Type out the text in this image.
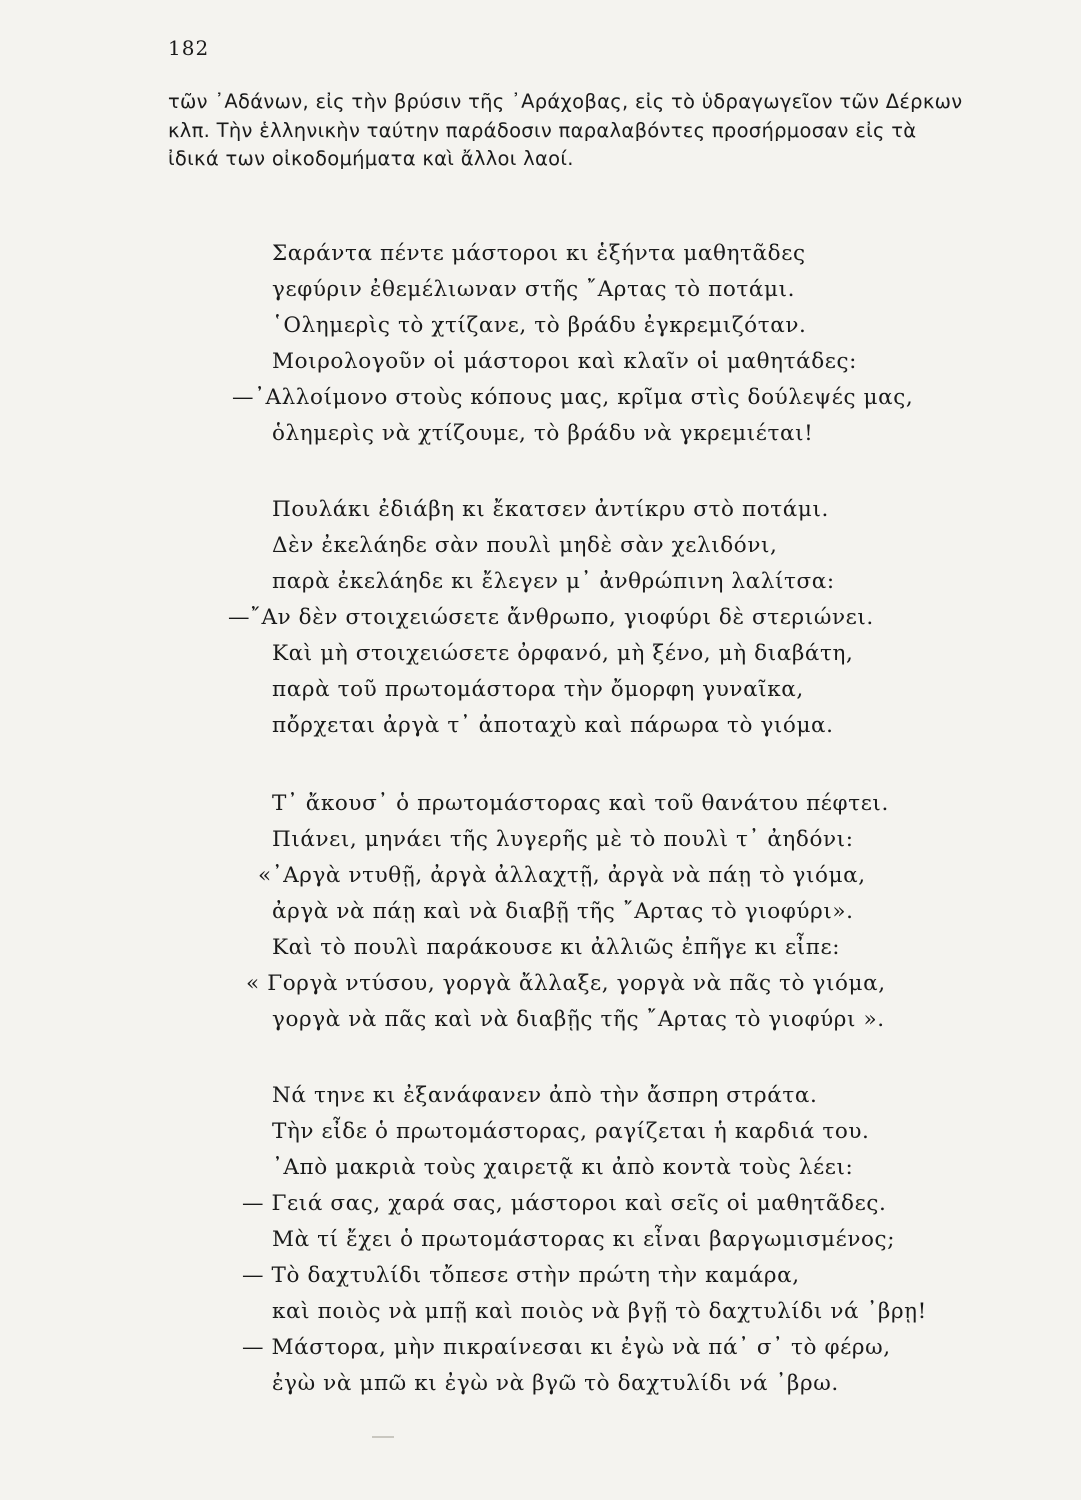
182
τῶν ᾿Αδάνων, εἰς τὴν βρύσιν τῆς ᾿Αράχοβας, εἰς τὸ ὑδραγωγεῖον τῶν Δέρκων
κλπ. Τὴν ἑλληνικὴν ταύτην παράδοσιν παραλαβόντες προσήρμοσαν εἰς τὰ
ἰδικά των οἰκοδομήματα καὶ ἄλλοι λαοί.
Σαράντα πέντε μάστοροι κι ἑξήντα μαθητᾶδες
γεφύριν ἐθεμέλιωναν στῆς ῎Αρτας τὸ ποτάμι.
῾Ολημερὶς τὸ χτίζανε, τὸ βράδυ ἐγκρεμιζόταν.
Μοιρολογοῦν οἱ μάστοροι καὶ κλαῖν οἱ μαθητάδες:
—᾿Αλλοίμονο στοὺς κόπους μας, κρῖμα στὶς δούλεψές μας,
ὁλημερὶς νὰ χτίζουμε, τὸ βράδυ νὰ γκρεμιέται!
Πουλάκι ἐδιάβη κι ἔκατσεν ἀντίκρυ στὸ ποτάμι.
Δὲν ἐκελάηδε σὰν πουλὶ μηδὲ σὰν χελιδόνι,
παρὰ ἐκελάηδε κι ἔλεγεν μ᾿ ἀνθρώπινη λαλίτσα:
—῎Αν δὲν στοιχειώσετε ἄνθρωπο, γιοφύρι δὲ στεριώνει.
Καὶ μὴ στοιχειώσετε ὀρφανό, μὴ ξένο, μὴ διαβάτη,
παρὰ τοῦ πρωτομάστορα τὴν ὄμορφη γυναῖκα,
πὄρχεται ἀργὰ τ᾿ ἀποταχὺ καὶ πάρωρα τὸ γιόμα.
Τ᾿ ἄκουσ᾿ ὁ πρωτομάστορας καὶ τοῦ θανάτου πέφτει.
Πιάνει, μηνάει τῆς λυγερῆς μὲ τὸ πουλὶ τ᾿ ἀηδόνι:
«᾿Αργὰ ντυθῇ, ἀργὰ ἀλλαχτῇ, ἀργὰ νὰ πάῃ τὸ γιόμα,
ἀργὰ νὰ πάῃ καὶ νὰ διαβῇ τῆς ῎Αρτας τὸ γιοφύρι».
Καὶ τὸ πουλὶ παράκουσε κι ἀλλιῶς ἐπῆγε κι εἶπε:
« Γοργὰ ντύσου, γοργὰ ἄλλαξε, γοργὰ νὰ πᾶς τὸ γιόμα,
γοργὰ νὰ πᾶς καὶ νὰ διαβῇς τῆς ῎Αρτας τὸ γιοφύρι ».
Νά τηνε κι ἐξανάφανεν ἀπὸ τὴν ἄσπρη στράτα.
Τὴν εἶδε ὁ πρωτομάστορας, ραγίζεται ἡ καρδιά του.
᾿Απὸ μακριὰ τοὺς χαιρετᾷ κι ἀπὸ κοντὰ τοὺς λέει:
— Γειά σας, χαρά σας, μάστοροι καὶ σεῖς οἱ μαθητᾶδες.
Μὰ τί ἔχει ὁ πρωτομάστορας κι εἶναι βαργωμισμένος;
— Τὸ δαχτυλίδι τὄπεσε στὴν πρώτη τὴν καμάρα,
καὶ ποιὸς νὰ μπῇ καὶ ποιὸς νὰ βγῇ τὸ δαχτυλίδι νά ᾿βρῃ!
— Μάστορα, μὴν πικραίνεσαι κι ἐγὼ νὰ πά᾿ σ᾿ τὸ φέρω,
ἐγὼ νὰ μπῶ κι ἐγὼ νὰ βγῶ τὸ δαχτυλίδι νά ᾿βρω.
